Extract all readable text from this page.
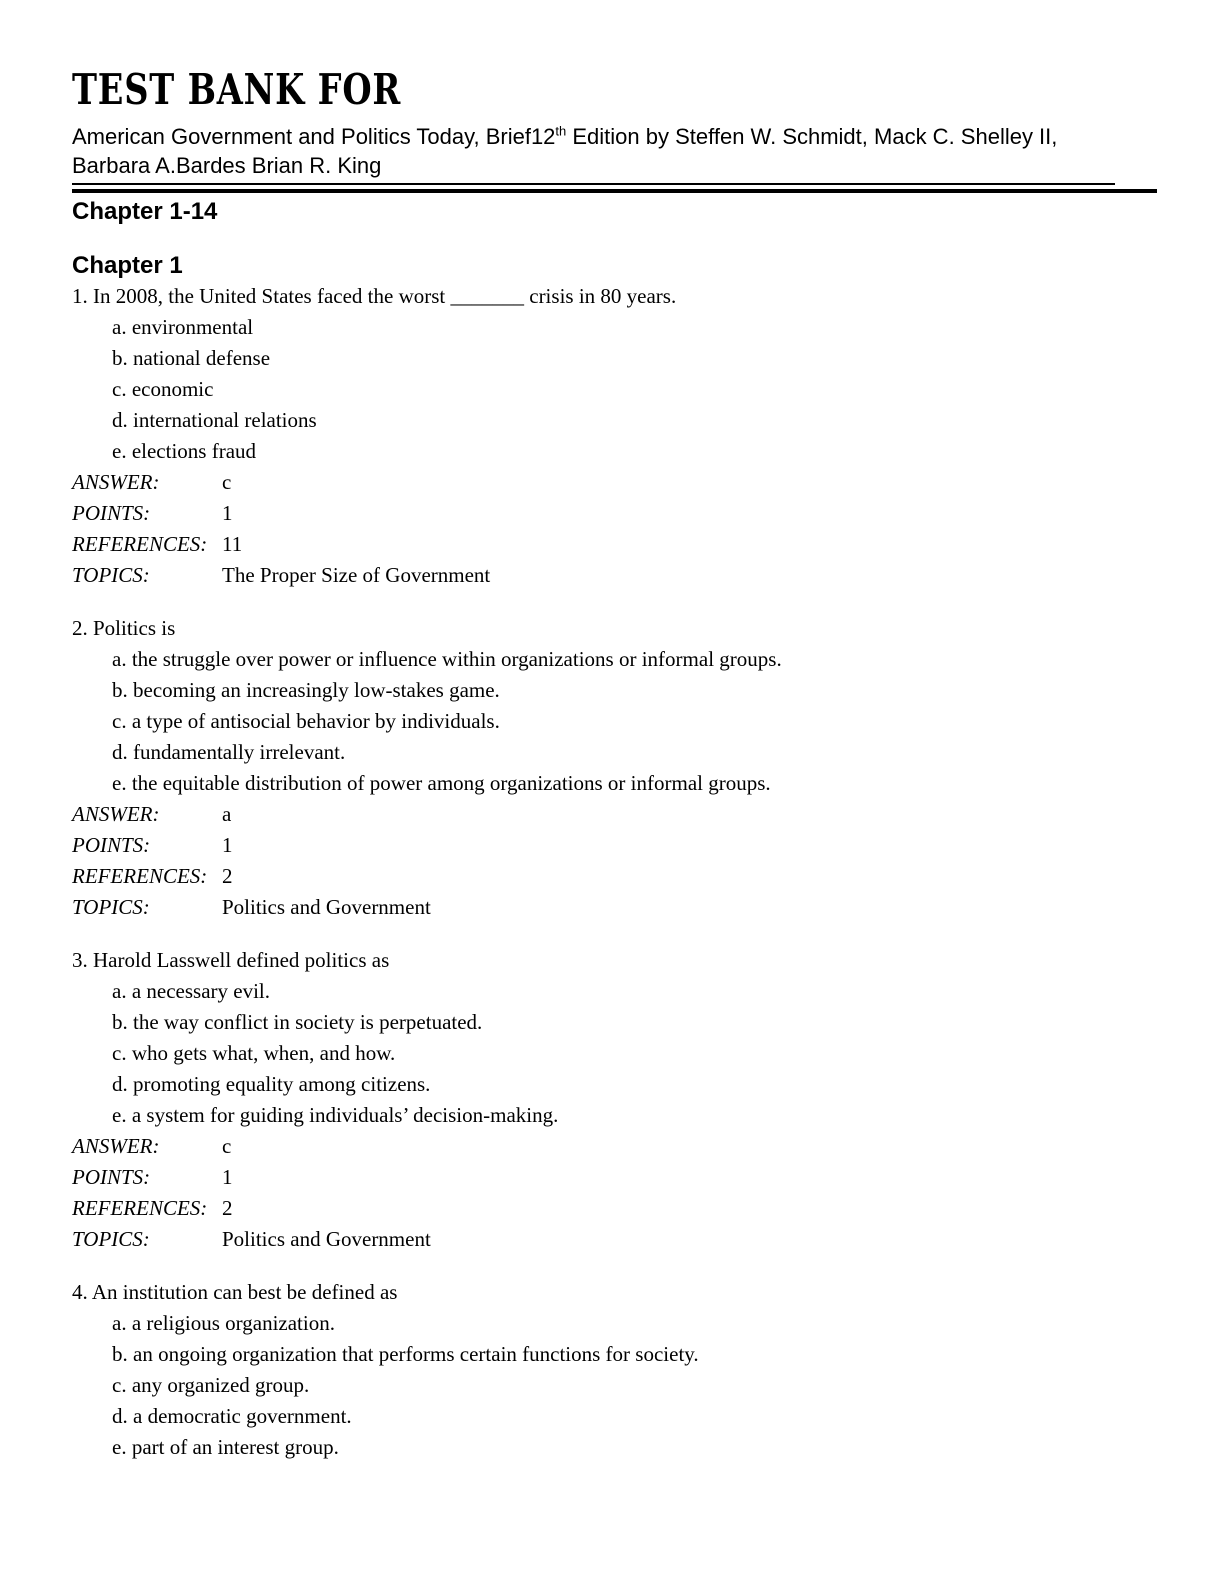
TEST BANK FOR

American Government and Politics Today, Brief12th Edition by Steffen W. Schmidt, Mack C. Shelley II, Barbara A.Bardes Brian R. King

Chapter 1-14
Chapter 1
1. In 2008, the United States faced the worst _______ crisis in 80 years.
a. environmental
b. national defense
c. economic
d. international relations
e. elections fraud
ANSWER:	c
POINTS:	1
REFERENCES: 11
TOPICS:	The Proper Size of Government
2. Politics is
a. the struggle over power or influence within organizations or informal groups.
b. becoming an increasingly low-stakes game.
c. a type of antisocial behavior by individuals.
d. fundamentally irrelevant.
e. the equitable distribution of power among organizations or informal groups.
ANSWER:	a
POINTS:	1
REFERENCES: 2
TOPICS:	Politics and Government
3. Harold Lasswell defined politics as
a. a necessary evil.
b. the way conflict in society is perpetuated.
c. who gets what, when, and how.
d. promoting equality among citizens.
e. a system for guiding individuals’ decision-making.
ANSWER:	c
POINTS:	1
REFERENCES: 2
TOPICS:	Politics and Government
4. An institution can best be defined as
a. a religious organization.
b. an ongoing organization that performs certain functions for society.
c. any organized group.
d. a democratic government.
e. part of an interest group.
